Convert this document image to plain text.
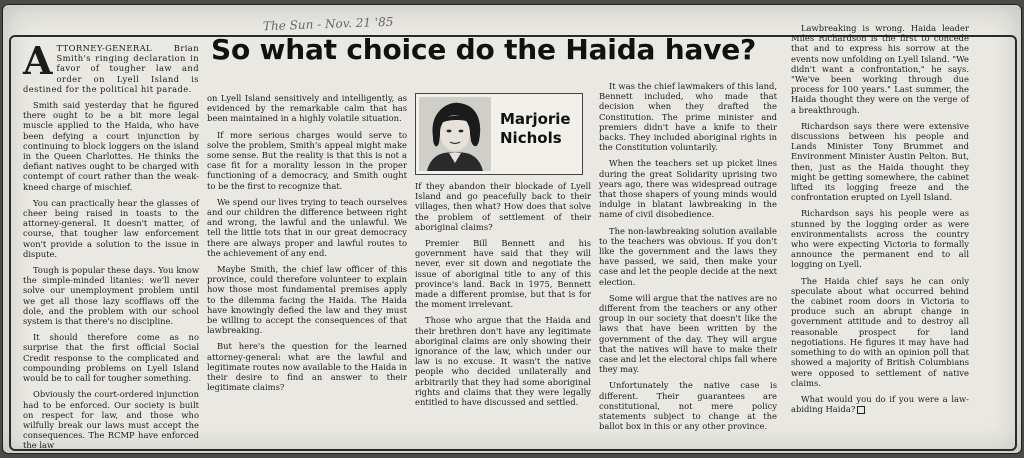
The Sun - Nov. 21 '85
So what choice do the Haida have?

ATTORNEY-GENERAL Brian Smith's ringing declaration in favor of tougher law and order on Lyell Island is destined for the political hit parade.

Smith said yesterday that he figured there ought to be a bit more legal muscle applied to the Haida, who have been defying a court injunction by continuing to block loggers on the island in the Queen Charlottes. He thinks the defiant natives ought to be charged with contempt of court rather than the weak-kneed charge of mischief.

You can practically hear the glasses of cheer being raised in toasts to the attorney-general. It doesn't matter, of course, that tougher law enforcement won't provide a solution to the issue in dispute.

Tough is popular these days. You know the simple-minded litanies: we'll never solve our unemployment problem until we get all those lazy scofflaws off the dole, and the problem with our school system is that there's no discipline.

It should therefore come as no surprise that the first official Social Credit response to the complicated and compounding problems on Lyell Island would be to call for tougher something.

Obviously the court-ordered injunction had to be enforced. Our society is built on respect for law, and those who wilfully break our laws must accept the consequences. The RCMP have enforced the law

on Lyell Island sensitively and intelligently, as evidenced by the remarkable calm that has been maintained in a highly volatile situation.

If more serious charges would serve to solve the problem, Smith's appeal might make some sense. But the reality is that this is not a case fit for a morality lesson in the proper functioning of a democracy, and Smith ought to be the first to recognize that.

We spend our lives trying to teach ourselves and our children the difference between right and wrong, the lawful and the unlawful. We tell the little tots that in our great democracy there are always proper and lawful routes to the achievement of any end.

Maybe Smith, the chief law officer of this province, could therefore volunteer to explain how those most fundamental premises apply to the dilemma facing the Haida. The Haida have knowingly defied the law and they must be willing to accept the consequences of that lawbreaking.

But here's the question for the learned attorney-general: what are the lawful and legitimate routes now available to the Haida in their desire to find an answer to their legitimate claims?

Marjorie
Nichols

If they abandon their blockade of Lyell Island and go peacefully back to their villages, then what? How does that solve the problem of settlement of their aboriginal claims?

Premier Bill Bennett and his government have said that they will never, ever sit down and negotiate the issue of aboriginal title to any of this province's land. Back in 1975, Bennett made a different promise, but that is for the moment irrelevant.

Those who argue that the Haida and their brethren don't have any legitimate aboriginal claims are only showing their ignorance of the law, which under our law is no excuse. It wasn't the native people who decided unilaterally and arbitrarily that they had some aboriginal rights and claims that they were legally entitled to have discussed and settled.

It was the chief lawmakers of this land, Bennett included, who made that decision when they drafted the Constitution. The prime minister and premiers didn't have a knife to their backs. They included aboriginal rights in the Constitution voluntarily.

When the teachers set up picket lines during the great Solidarity uprising two years ago, there was widespread outrage that those shapers of young minds would indulge in blatant lawbreaking in the name of civil disobedience.

The non-lawbreaking solution available to the teachers was obvious. If you don't like the government and the laws they have passed, we said, then make your case and let the people decide at the next election.

Some will argue that the natives are no different from the teachers or any other group in our society that doesn't like the laws that have been written by the government of the day. They will argue that the natives will have to make their case and let the electoral chips fall where they may.

Unfortunately the native case is different. Their guarantees are constitutional, not mere policy statements subject to change at the ballot box in this or any other province.

Lawbreaking is wrong. Haida leader Miles Richardson is the first to concede that and to express his sorrow at the events now unfolding on Lyell Island. "We didn't want a confrontation," he says. "We've been working through due process for 100 years." Last summer, the Haida thought they were on the verge of a breakthrough.

Richardson says there were extensive discussions between his people and Lands Minister Tony Brummet and Environment Minister Austin Pelton. But, then, just as the Haida thought they might be getting somewhere, the cabinet lifted its logging freeze and the confrontation erupted on Lyell Island.

Richardson says his people were as stunned by the logging order as were environmentalists across the country who were expecting Victoria to formally announce the permanent end to all logging on Lyell.

The Haida chief says he can only speculate about what occurred behind the cabinet room doors in Victoria to produce such an abrupt change in government attitude and to destroy all reasonable prospect for land negotiations. He figures it may have had something to do with an opinion poll that showed a majority of British Columbians were opposed to settlement of native claims.

What would you do if you were a law-abiding Haida?
